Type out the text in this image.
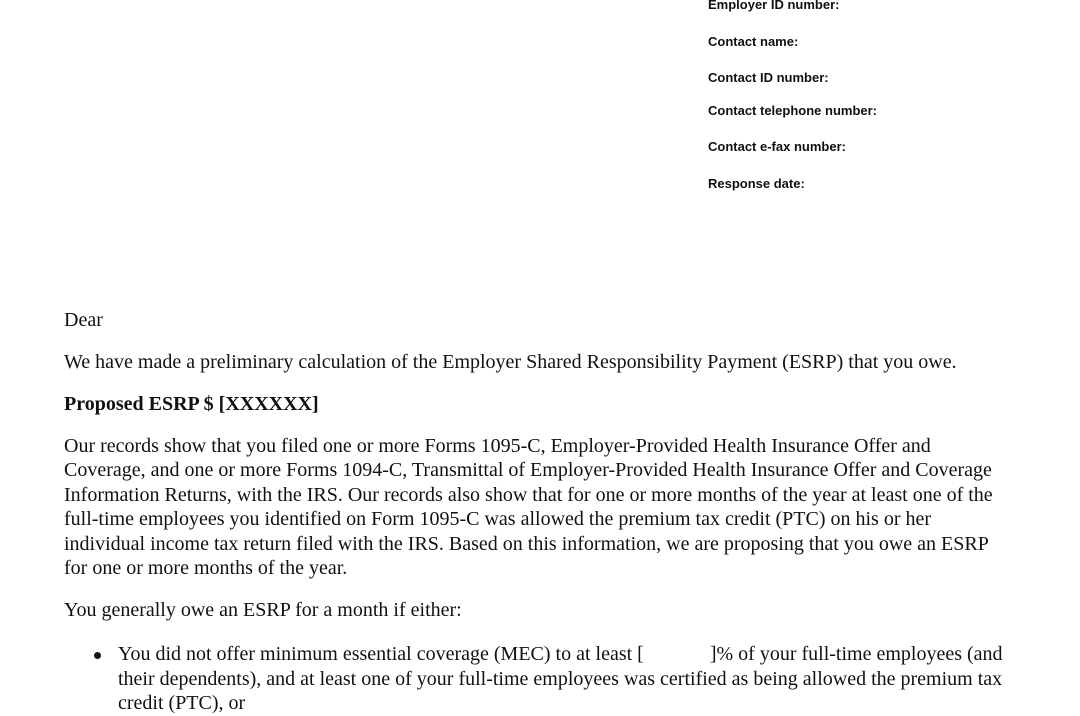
Employer ID number:
Contact name:
Contact ID number:
Contact telephone number:
Contact e-fax number:
Response date:

Dear

We have made a preliminary calculation of the Employer Shared Responsibility Payment (ESRP) that you owe.

Proposed ESRP $ [XXXXXX]

Our records show that you filed one or more Forms 1095-C, Employer-Provided Health Insurance Offer and Coverage, and one or more Forms 1094-C, Transmittal of Employer-Provided Health Insurance Offer and Coverage Information Returns, with the IRS. Our records also show that for one or more months of the year at least one of the full-time employees you identified on Form 1095-C was allowed the premium tax credit (PTC) on his or her individual income tax return filed with the IRS. Based on this information, we are proposing that you owe an ESRP for one or more months of the year.

You generally owe an ESRP for a month if either:

You did not offer minimum essential coverage (MEC) to at least [	]% of your full-time employees (and their dependents), and at least one of your full-time employees was certified as being allowed the premium tax credit (PTC), or
